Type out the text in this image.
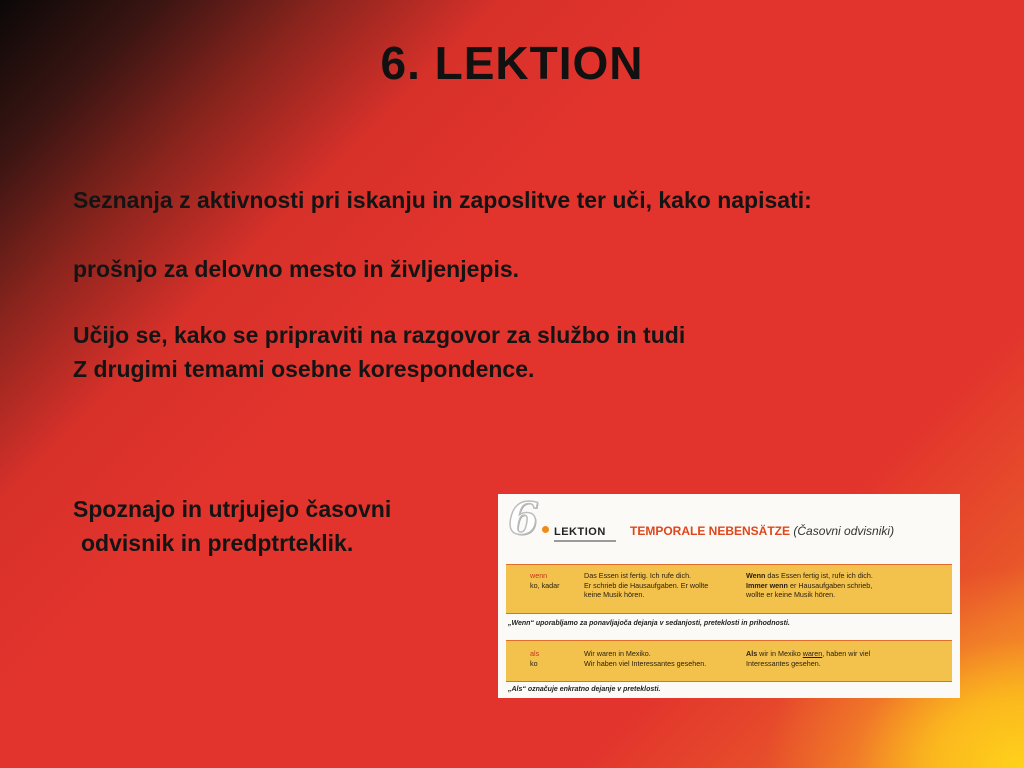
6. LEKTION

Seznanja z aktivnosti pri iskanju in zaposlitve ter uči, kako napisati:

prošnjo za delovno mesto in življenjepis.

Učijo se, kako se pripraviti na razgovor za službo in tudi
Z drugimi temami osebne korespondence.

Spoznajo in utrjujejo časovni

odvisnik in predptrteklik.	6 LEKTION TEMPORALE NEBENSÄTZE (Časovni odvisniki)
wenn
ko, kadar
Das Essen ist fertig. Ich rufe dich.
Er schrieb die Hausaufgaben. Er wollte
keine Musik hören.
Wenn das Essen fertig ist, rufe ich dich.
Immer wenn er Hausaufgaben schrieb,
wollte er keine Musik hören.
„Wenn“ uporabljamo za ponavljajoča dejanja v sedanjosti, preteklosti in prihodnosti.
als
ko
Wir waren in Mexiko.
Wir haben viel Interessantes gesehen.
Als wir in Mexiko waren, haben wir viel
Interessantes gesehen.
„Als“ označuje enkratno dejanje v preteklosti.
